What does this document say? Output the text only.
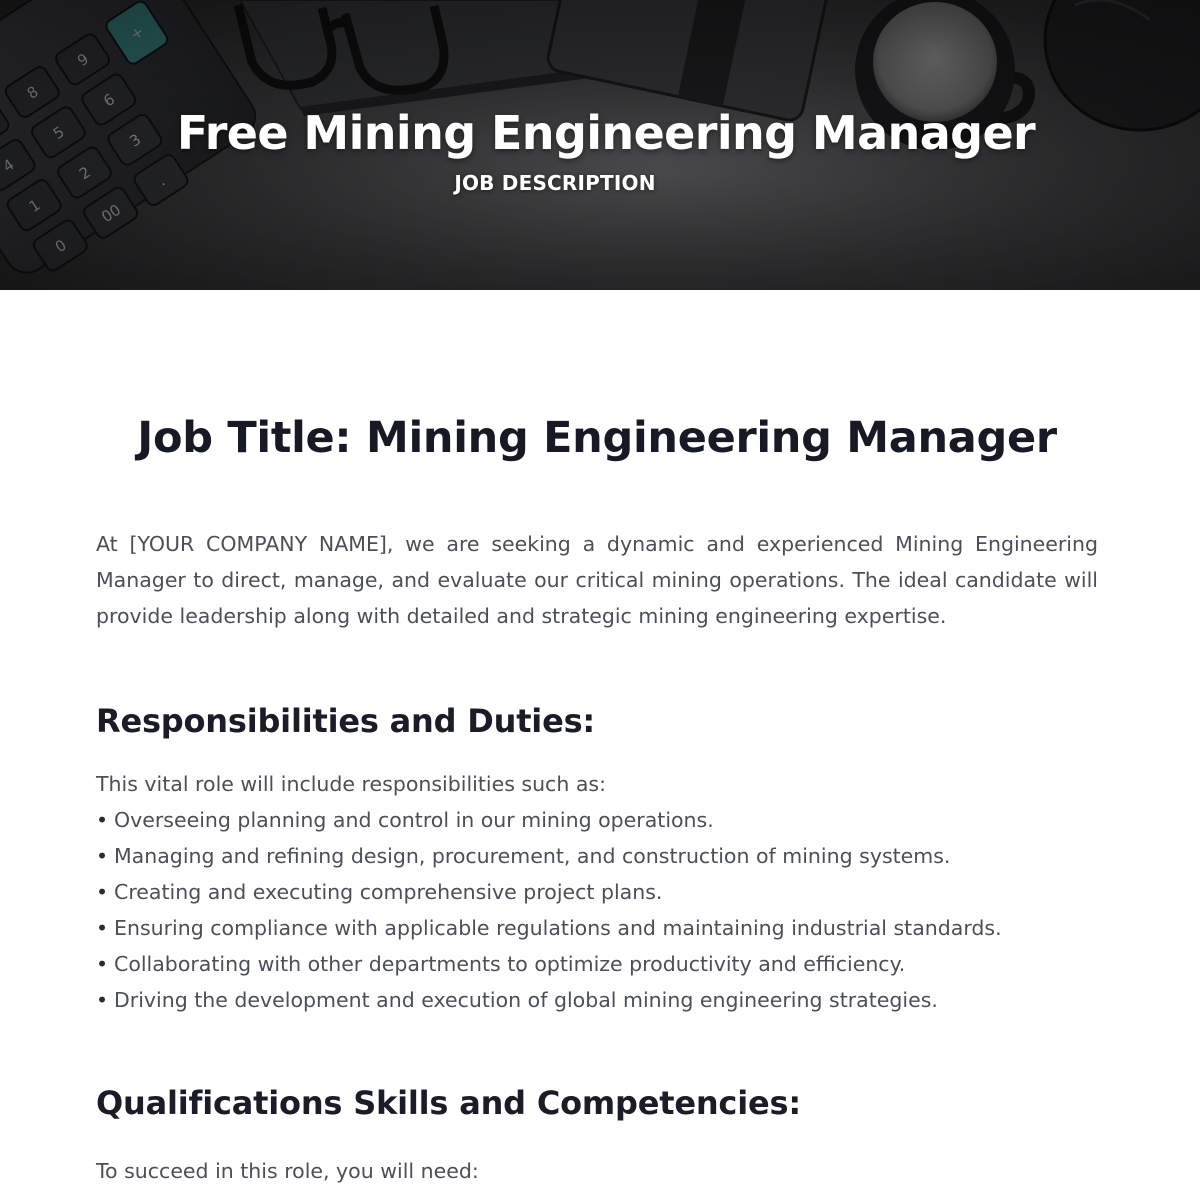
Free Mining Engineering Manager
JOB DESCRIPTION
Job Title: Mining Engineering Manager

At [YOUR COMPANY NAME], we are seeking a dynamic and experienced Mining Engineering Manager to direct, manage, and evaluate our critical mining operations. The ideal candidate will provide leadership along with detailed and strategic mining engineering expertise.

Responsibilities and Duties:

This vital role will include responsibilities such as:

• Overseeing planning and control in our mining operations.
• Managing and refining design, procurement, and construction of mining systems.
• Creating and executing comprehensive project plans.
• Ensuring compliance with applicable regulations and maintaining industrial standards.
• Collaborating with other departments to optimize productivity and efficiency.
• Driving the development and execution of global mining engineering strategies.
Qualifications Skills and Competencies:

To succeed in this role, you will need:
